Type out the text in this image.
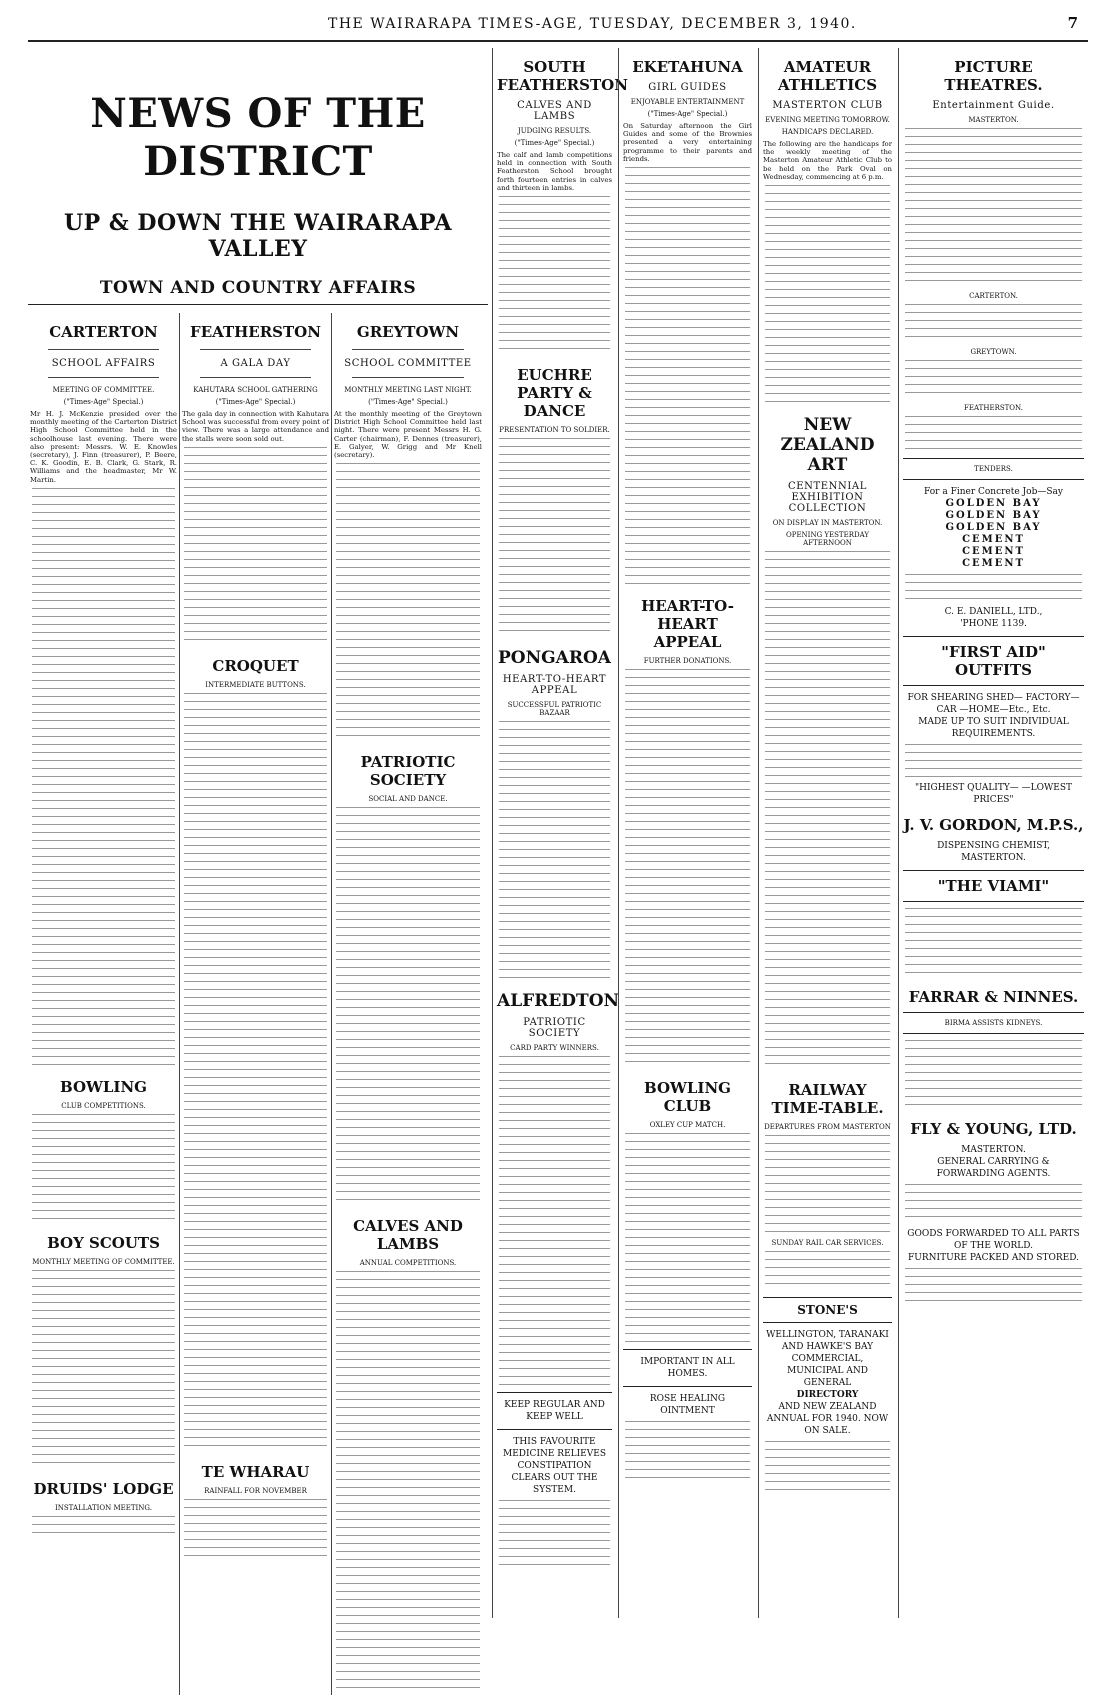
THE WAIRARAPA TIMES-AGE, TUESDAY, DECEMBER 3, 1940.	7
NEWS OF THE DISTRICT
UP & DOWN THE WAIRARAPA VALLEY
TOWN AND COUNTRY AFFAIRS
CARTERTON
SCHOOL AFFAIRS
MEETING OF COMMITTEE.
("Times-Age" Special.)

Mr H. J. McKenzie presided over the monthly meeting of the Carterton District High School Committee held in the schoolhouse last evening. There were also present: Messrs. W. E. Knowles (secretary), J. Finn (treasurer), P. Beere, C. K. Goodin, E. B. Clark, G. Stark, R. Williams and the headmaster, Mr W. Martin.

BOWLING
CLUB COMPETITIONS.
BOY SCOUTS
MONTHLY MEETING OF COMMITTEE.
DRUIDS' LODGE
INSTALLATION MEETING.
FEATHERSTON
A GALA DAY
KAHUTARA SCHOOL GATHERING
("Times-Age" Special.)

The gala day in connection with Kahutara School was successful from every point of view. There was a large attendance and the stalls were soon sold out.

CROQUET
INTERMEDIATE BUTTONS.
TE WHARAU
RAINFALL FOR NOVEMBER
GREYTOWN
SCHOOL COMMITTEE
MONTHLY MEETING LAST NIGHT.
("Times-Age" Special.)

At the monthly meeting of the Greytown District High School Committee held last night. There were present Messrs H. G. Carter (chairman), F. Dennes (treasurer), E. Galyer, W. Grigg and Mr Knell (secretary).

PATRIOTIC SOCIETY
SOCIAL AND DANCE.
CALVES AND LAMBS
ANNUAL COMPETITIONS.
SOUTH FEATHERSTON
CALVES AND LAMBS
JUDGING RESULTS.
("Times-Age" Special.)

The calf and lamb competitions held in connection with South Featherston School brought forth fourteen entries in calves and thirteen in lambs.

EUCHRE PARTY & DANCE
PRESENTATION TO SOLDIER.
PONGAROA
HEART-TO-HEART APPEAL
SUCCESSFUL PATRIOTIC BAZAAR
ALFREDTON
PATRIOTIC SOCIETY
CARD PARTY WINNERS.
KEEP REGULAR AND KEEP WELL
THIS FAVOURITE MEDICINE RELIEVES CONSTIPATION CLEARS OUT THE SYSTEM.
EKETAHUNA
GIRL GUIDES
ENJOYABLE ENTERTAINMENT
("Times-Age" Special.)

On Saturday afternoon the Girl Guides and some of the Brownies presented a very entertaining programme to their parents and friends.

HEART-TO-HEART APPEAL
FURTHER DONATIONS.
BOWLING CLUB
OXLEY CUP MATCH.
IMPORTANT IN ALL HOMES.
ROSE HEALING OINTMENT
AMATEUR ATHLETICS
MASTERTON CLUB
EVENING MEETING TOMORROW.
HANDICAPS DECLARED.

The following are the handicaps for the weekly meeting of the Masterton Amateur Athletic Club to be held on the Park Oval on Wednesday, commencing at 6 p.m.

NEW ZEALAND ART
CENTENNIAL EXHIBITION COLLECTION
ON DISPLAY IN MASTERTON.
OPENING YESTERDAY AFTERNOON
RAILWAY TIME-TABLE.
DEPARTURES FROM MASTERTON
SUNDAY RAIL CAR SERVICES.
STONE'S
WELLINGTON, TARANAKI AND HAWKE'S BAY
COMMERCIAL, MUNICIPAL AND GENERAL
DIRECTORY
AND NEW ZEALAND ANNUAL FOR 1940. NOW ON SALE.
PICTURE THEATRES.
Entertainment Guide.
MASTERTON.
CARTERTON.
GREYTOWN.
FEATHERSTON.
TENDERS.
For a Finer Concrete Job—Say
GOLDEN BAY
GOLDEN BAY
GOLDEN BAY
CEMENT
CEMENT
CEMENT
C. E. DANIELL, LTD.,
'PHONE 1139.
"FIRST AID" OUTFITS
FOR SHEARING SHED— FACTORY—CAR —HOME—Etc., Etc.
MADE UP TO SUIT INDIVIDUAL REQUIREMENTS.
"HIGHEST QUALITY— —LOWEST PRICES"
J. V. GORDON, M.P.S.,
DISPENSING CHEMIST,
MASTERTON.
"THE VIAMI"
FARRAR & NINNES.
BIRMA ASSISTS KIDNEYS.
FLY & YOUNG, LTD.
MASTERTON.
GENERAL CARRYING & FORWARDING AGENTS.
GOODS FORWARDED TO ALL PARTS OF THE WORLD.
FURNITURE PACKED AND STORED.
